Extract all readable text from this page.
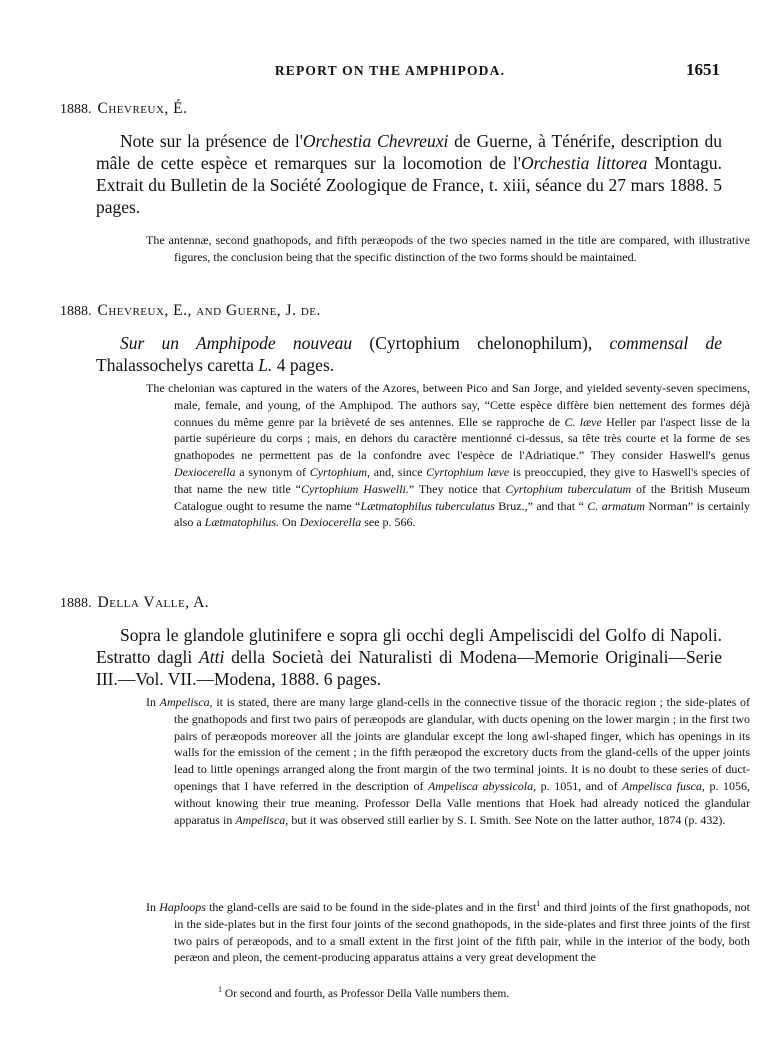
REPORT ON THE AMPHIPODA.	1651
1888. Chevreux, É.
Note sur la présence de l'Orchestia Chevreuxi de Guerne, à Ténérife, description du mâle de cette espèce et remarques sur la locomotion de l'Orchestia littorea Montagu. Extrait du Bulletin de la Société Zoologique de France, t. xiii, séance du 27 mars 1888. 5 pages.
The antennæ, second gnathopods, and fifth peræopods of the two species named in the title are compared, with illustrative figures, the conclusion being that the specific distinction of the two forms should be maintained.
1888. Chevreux, E., and Guerne, J. de.
Sur un Amphipode nouveau (Cyrtophium chelonophilum), commensal de Thalassochelys caretta L. 4 pages.
The chelonian was captured in the waters of the Azores, between Pico and San Jorge, and yielded seventy-seven specimens, male, female, and young, of the Amphipod. The authors say, “Cette espèce diffère bien nettement des formes déjà connues du même genre par la brièveté de ses antennes. Elle se rapproche de C. læve Heller par l'aspect lisse de la partie supérieure du corps ; mais, en dehors du caractère mentionné ci-dessus, sa tête très courte et la forme de ses gnathopodes ne permettent pas de la confondre avec l'espèce de l'Adriatique.” They consider Haswell's genus Dexiocerella a synonym of Cyrtophium, and, since Cyrtophium læve is preoccupied, they give to Haswell's species of that name the new title “Cyrtophium Haswelli.” They notice that Cyrtophium tuberculatum of the British Museum Catalogue ought to resume the name “Lætmatophilus tuberculatus Bruz.,” and that “ C. armatum Norman” is certainly also a Lætmatophilus. On Dexiocerella see p. 566.
1888. Della Valle, A.
Sopra le glandole glutinifere e sopra gli occhi degli Ampeliscidi del Golfo di Napoli. Estratto dagli Atti della Società dei Naturalisti di Modena—Memorie Originali—Serie III.—Vol. VII.—Modena, 1888. 6 pages.
In Ampelisca, it is stated, there are many large gland-cells in the connective tissue of the thoracic region ; the side-plates of the gnathopods and first two pairs of peræopods are glandular, with ducts opening on the lower margin ; in the first two pairs of peræopods moreover all the joints are glandular except the long awl-shaped finger, which has openings in its walls for the emission of the cement ; in the fifth peræopod the excretory ducts from the gland-cells of the upper joints lead to little openings arranged along the front margin of the two terminal joints. It is no doubt to these series of duct-openings that I have referred in the description of Ampelisca abyssicola, p. 1051, and of Ampelisca fusca, p. 1056, without knowing their true meaning. Professor Della Valle mentions that Hoek had already noticed the glandular apparatus in Ampelisca, but it was observed still earlier by S. I. Smith. See Note on the latter author, 1874 (p. 432).
In Haploops the gland-cells are said to be found in the side-plates and in the first$^1$ and third joints of the first gnathopods, not in the side-plates but in the first four joints of the second gnathopods, in the side-plates and first three joints of the first two pairs of peræopods, and to a small extent in the first joint of the fifth pair, while in the interior of the body, both peræon and pleon, the cement-producing apparatus attains a very great development the
$^1$ Or second and fourth, as Professor Della Valle numbers them.
